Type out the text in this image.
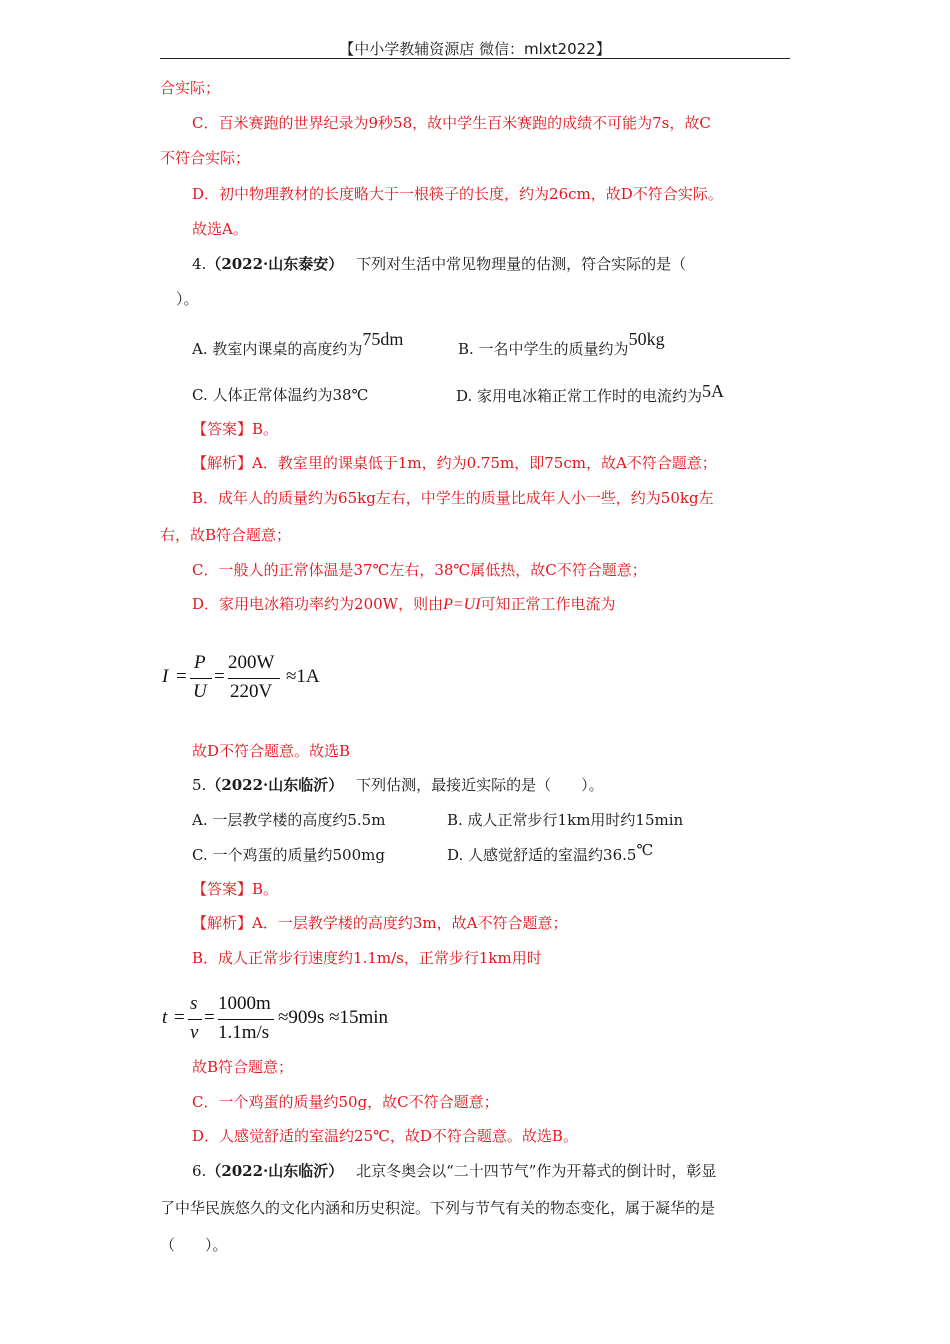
【中小学教辅资源店 微信：mlxt2022】
合实际；
C．百米赛跑的世界纪录为9秒58，故中学生百米赛跑的成绩不可能为7s，故C
不符合实际；
D．初中物理教材的长度略大于一根筷子的长度，约为26cm，故D不符合实际。
故选A。
4.（2022·山东泰安） 下列对生活中常见物理量的估测，符合实际的是（
）。
A. 教室内课桌的高度约为75dm	B. 一名中学生的质量约为50kg
C. 人体正常体温约为38℃	D. 家用电冰箱正常工作时的电流约为5A
【答案】B。
【解析】A．教室里的课桌低于1m，约为0.75m，即75cm，故A不符合题意；
B．成年人的质量约为65kg左右，中学生的质量比成年人小一些，约为50kg左
右，故B符合题意；
C．一般人的正常体温是37℃左右，38℃属低热，故C不符合题意；
D．家用电冰箱功率约为200W，则由P=UI可知正常工作电流为
I =
P
U
=
200W
220V
≈1A
故D不符合题意。故选B
5.（2022·山东临沂） 下列估测，最接近实际的是（　　）。
A. 一层教学楼的高度约5.5m	B. 成人正常步行1km用时约15min
C. 一个鸡蛋的质量约500mg	D. 人感觉舒适的室温约36.5℃
【答案】B。
【解析】A．一层教学楼的高度约3m，故A不符合题意；
B．成人正常步行速度约1.1m/s，正常步行1km用时
t =
s
v
=
1000m
1.1m/s
≈909s ≈15min
故B符合题意；
C．一个鸡蛋的质量约50g，故C不符合题意；
D．人感觉舒适的室温约25℃，故D不符合题意。故选B。
6.（2022·山东临沂） 北京冬奥会以“二十四节气”作为开幕式的倒计时，彰显
了中华民族悠久的文化内涵和历史积淀。下列与节气有关的物态变化，属于凝华的是
（　　）。
